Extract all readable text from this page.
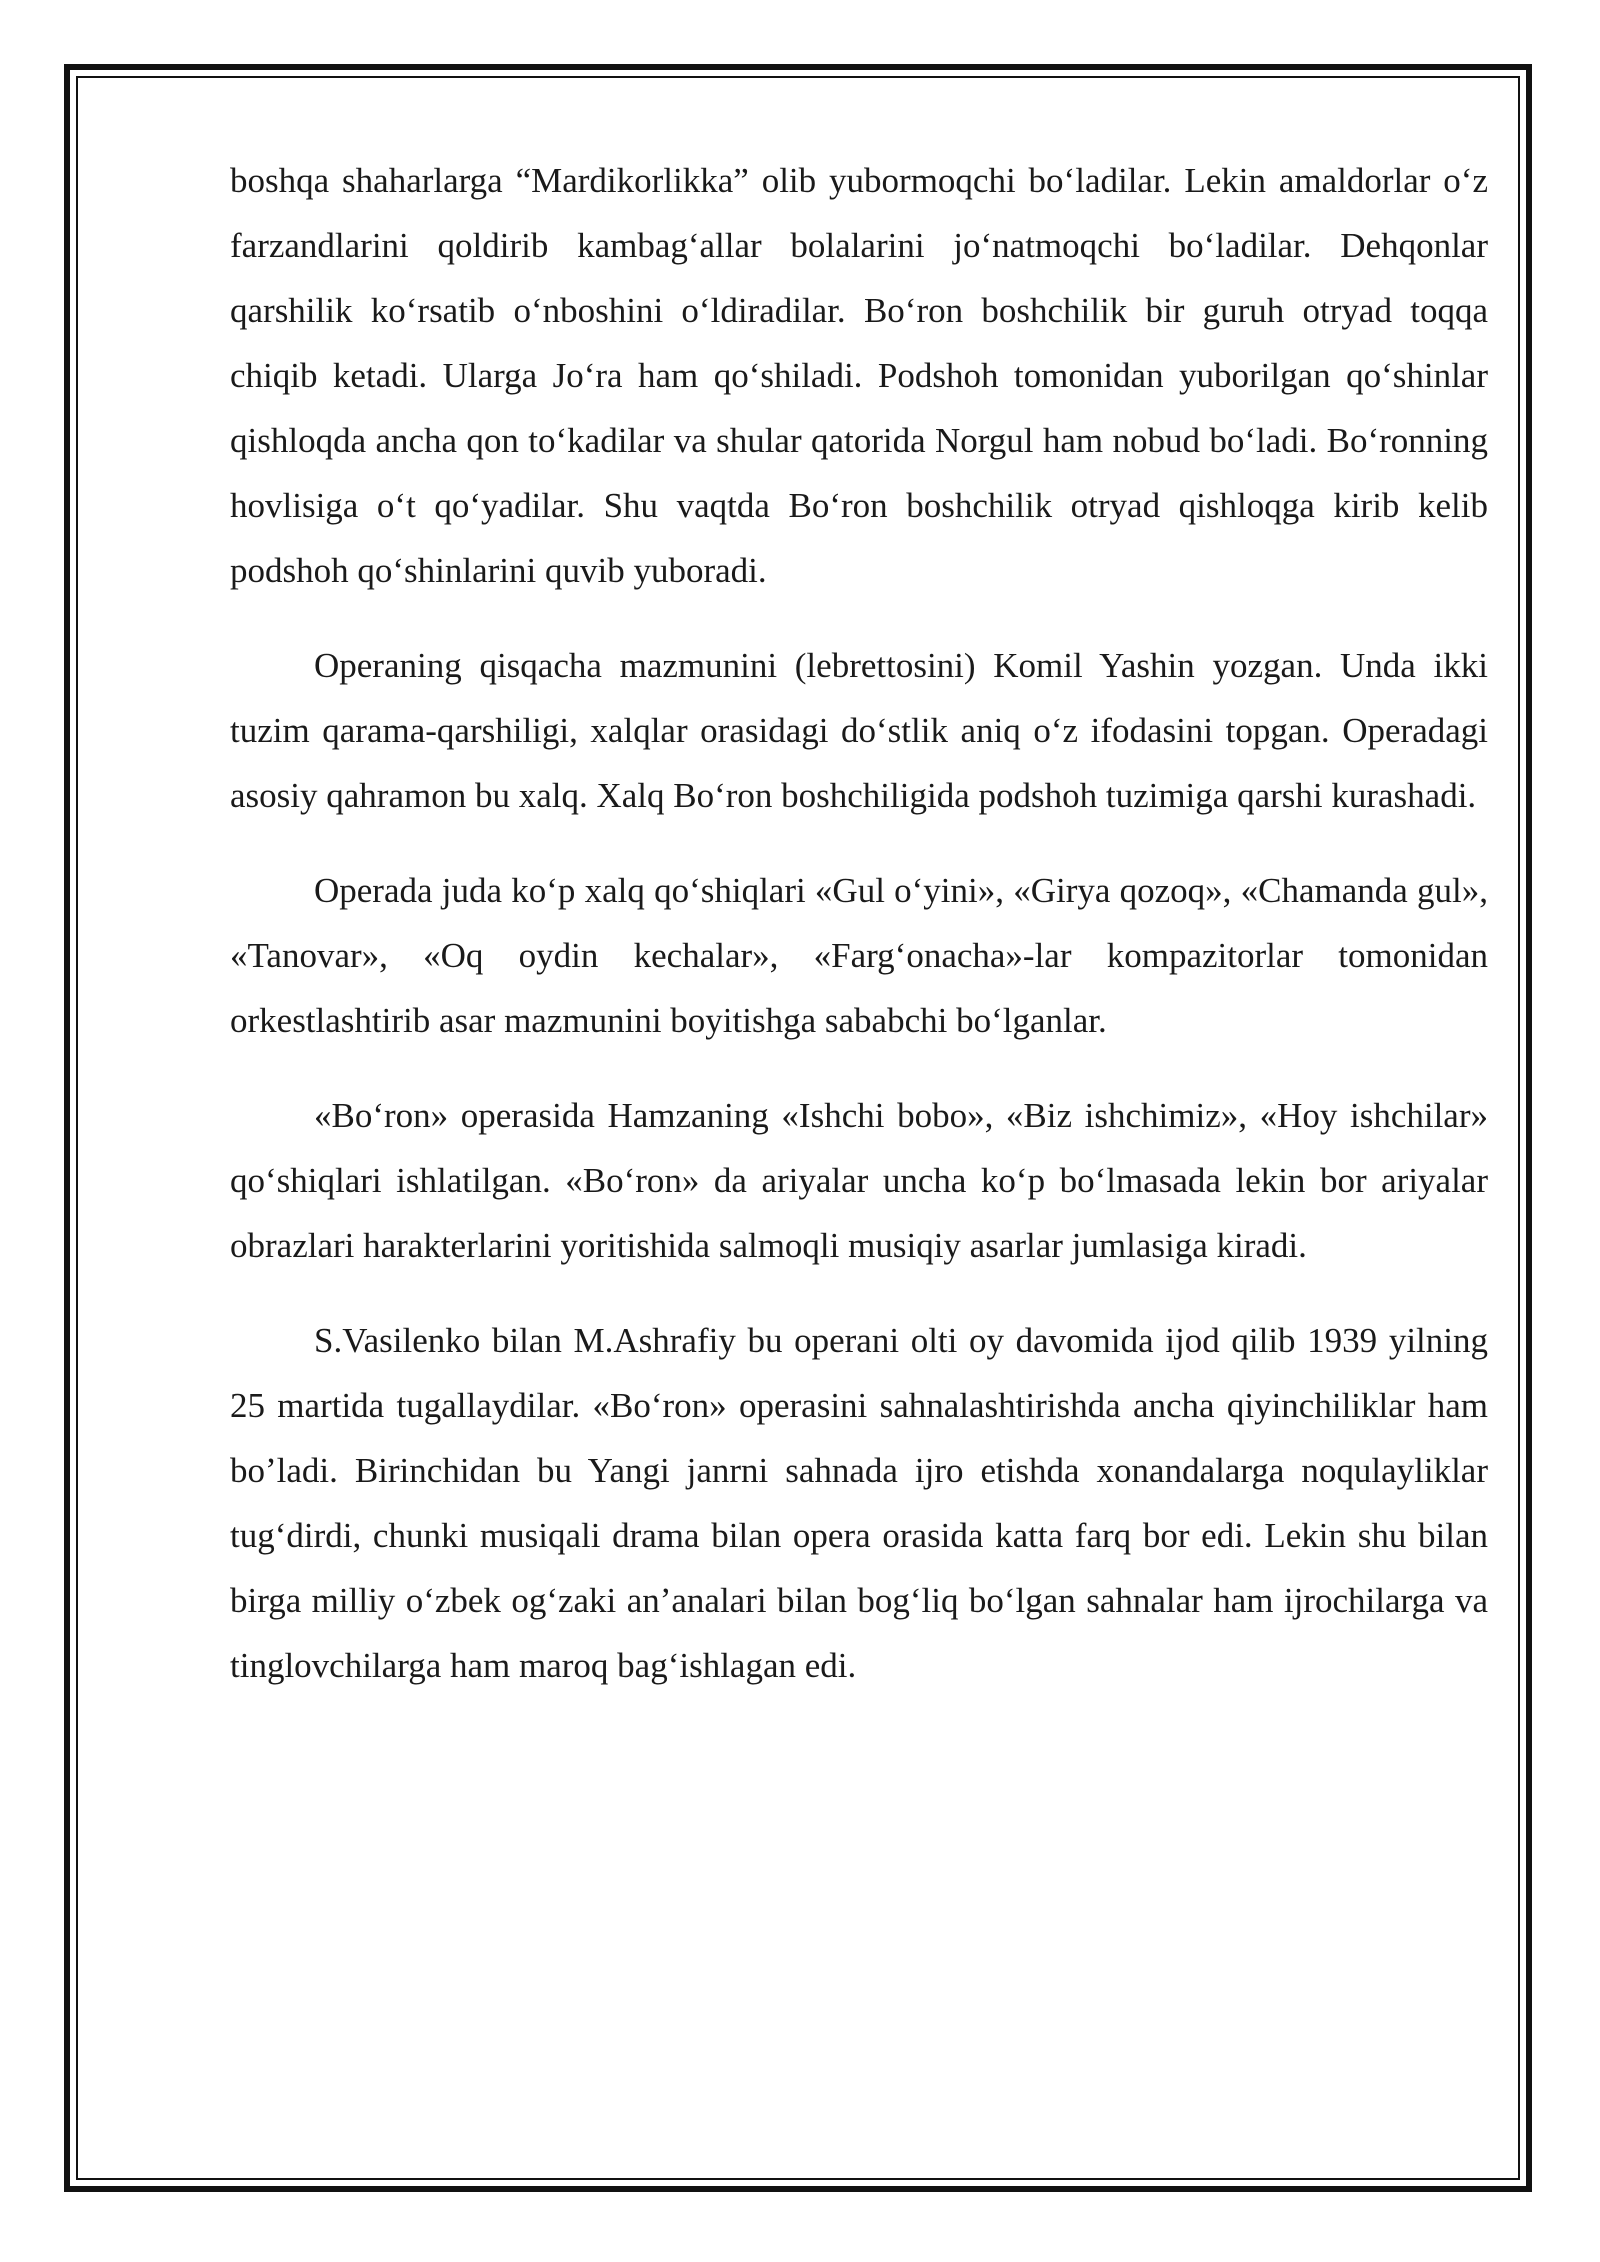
boshqa shaharlarga “Mardikorlikka” olib yubormoqchi boʻladilar. Lekin amaldorlar oʻz farzandlarini qoldirib kambagʻallar bolalarini joʻnatmoqchi boʻladilar. Dehqonlar qarshilik koʻrsatib oʻnboshini oʻldiradilar. Boʻron boshchilik bir guruh otryad toqqa chiqib ketadi. Ularga Joʻra ham qoʻshiladi. Podshoh tomonidan yuborilgan qoʻshinlar qishloqda ancha qon toʻkadilar va shular qatorida Norgul ham nobud boʻladi. Boʻronning hovlisiga oʻt qoʻyadilar. Shu vaqtda Boʻron boshchilik otryad qishloqga kirib kelib podshoh qoʻshinlarini quvib yuboradi.

Operaning qisqacha mazmunini (lebrettosini) Komil Yashin yozgan. Unda ikki tuzim qarama-qarshiligi, xalqlar orasidagi doʻstlik aniq oʻz ifodasini topgan. Operadagi asosiy qahramon bu xalq. Xalq Boʻron boshchiligida podshoh tuzimiga qarshi kurashadi.

Operada juda koʻp xalq qoʻshiqlari «Gul oʻyini», «Girya qozoq», «Chamanda gul», «Tanovar», «Oq oydin kechalar», «Fargʻonacha»-lar kompazitorlar tomonidan orkestlashtirib asar mazmunini boyitishga sababchi boʻlganlar.

«Boʻron» operasida Hamzaning «Ishchi bobo», «Biz ishchimiz», «Hoy ishchilar» qoʻshiqlari ishlatilgan. «Boʻron» da ariyalar uncha koʻp boʻlmasada lekin bor ariyalar obrazlari harakterlarini yoritishida salmoqli musiqiy asarlar jumlasiga kiradi.

S.Vasilenko bilan M.Ashrafiy bu operani olti oy davomida ijod qilib 1939 yilning 25 martida tugallaydilar. «Boʻron» operasini sahnalashtirishda ancha qiyinchiliklar ham boʼladi. Birinchidan bu Yangi janrni sahnada ijro etishda xonandalarga noqulayliklar tugʻdirdi, chunki musiqali drama bilan opera orasida katta farq bor edi. Lekin shu bilan birga milliy oʻzbek ogʻzaki anʼanalari bilan bogʻliq boʻlgan sahnalar ham ijrochilarga va tinglovchilarga ham maroq bagʻishlagan edi.
